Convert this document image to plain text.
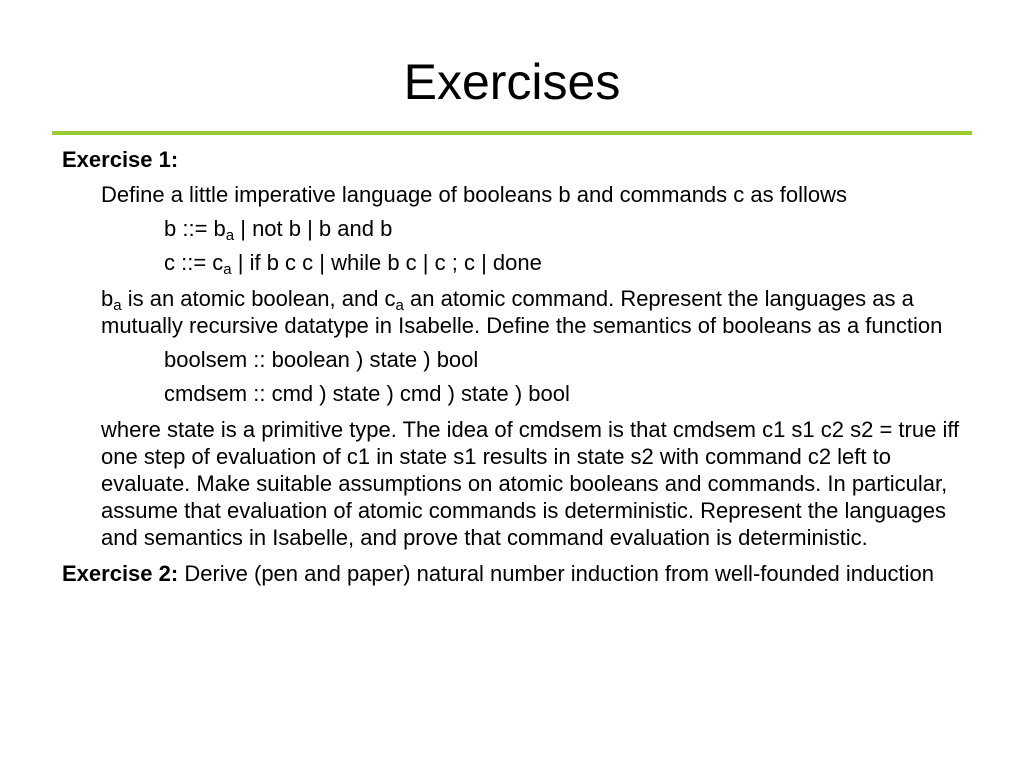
Exercises

Exercise 1:

Define a little imperative language of booleans b and commands c as follows

b ::= $b_a$ | not b | b and b

c ::= $c_a$ | if b c c | while b c | c ; c | done

$b_a$ is an atomic boolean, and $c_a$ an atomic command. Represent the languages as a mutually recursive datatype in Isabelle. Define the semantics of booleans as a function

boolsem :: boolean ) state ) bool

cmdsem :: cmd ) state ) cmd ) state ) bool

where state is a primitive type. The idea of cmdsem is that cmdsem c1 s1 c2 s2 = true iff one step of evaluation of c1 in state s1 results in state s2 with command c2 left to evaluate. Make suitable assumptions on atomic booleans and commands. In particular, assume that evaluation of atomic commands is deterministic. Represent the languages and semantics in Isabelle, and prove that command evaluation is deterministic.

Exercise 2: Derive (pen and paper) natural number induction from well-founded induction
